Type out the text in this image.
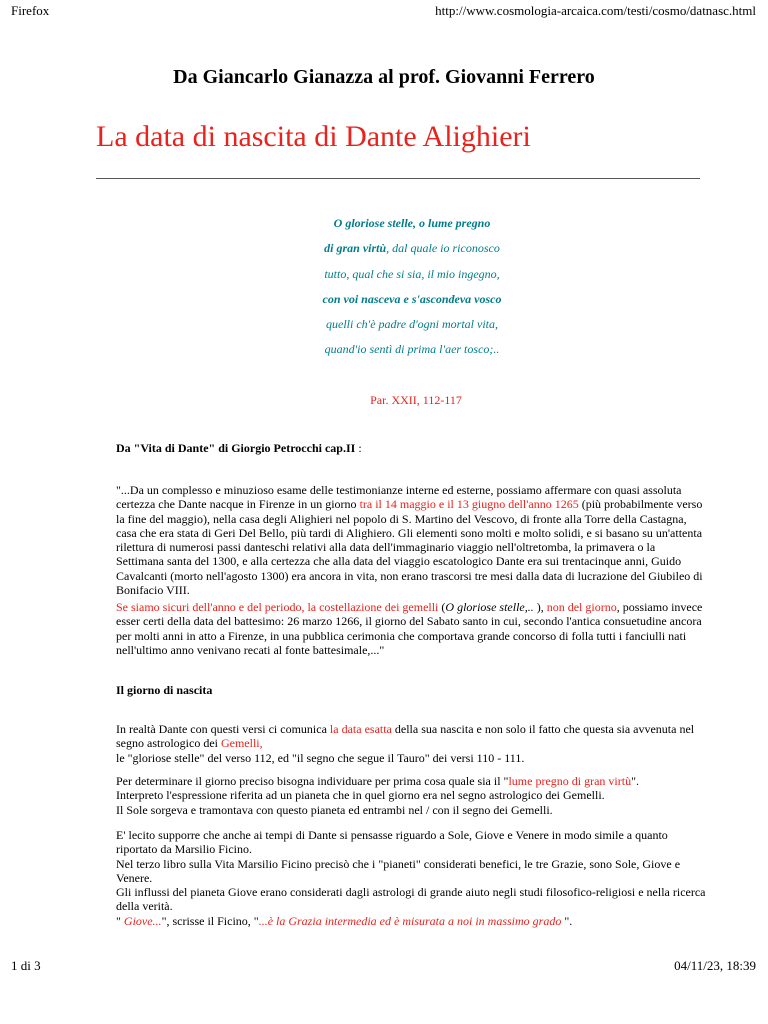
Firefox	http://www.cosmologia-arcaica.com/testi/cosmo/datnasc.html
Da Giancarlo Gianazza al prof. Giovanni Ferrero
La data di nascita di Dante Alighieri
O gloriose stelle, o lume pregno
di gran virtù, dal quale io riconosco
tutto, qual che si sia, il mio ingegno,
con voi nasceva e s'ascondeva vosco
quelli ch'è padre d'ogni mortal vita,
quand'io sentì di prima l'aer tosco;..
Par. XXII, 112-117
Da "Vita di Dante" di Giorgio Petrocchi cap.II :

"...Da un complesso e minuzioso esame delle testimonianze interne ed esterne, possiamo affermare con quasi assoluta certezza che Dante nacque in Firenze in un giorno tra il 14 maggio e il 13 giugno dell'anno 1265 (più probabilmente verso la fine del maggio), nella casa degli Alighieri nel popolo di S. Martino del Vescovo, di fronte alla Torre della Castagna, casa che era stata di Geri Del Bello, più tardi di Alighiero. Gli elementi sono molti e molto solidi, e si basano su un'attenta rilettura di numerosi passi danteschi relativi alla data dell'immaginario viaggio nell'oltretomba, la primavera o la Settimana santa del 1300, e alla certezza che alla data del viaggio escatologico Dante era sui trentacinque anni, Guido Cavalcanti (morto nell'agosto 1300) era ancora in vita, non erano trascorsi tre mesi dalla data di lucrazione del Giubileo di Bonifacio VIII.

Se siamo sicuri dell'anno e del periodo, la costellazione dei gemelli (O gloriose stelle,.. ), non del giorno, possiamo invece esser certi della data del battesimo: 26 marzo 1266, il giorno del Sabato santo in cui, secondo l'antica consuetudine ancora per molti anni in atto a Firenze, in una pubblica cerimonia che comportava grande concorso di folla tutti i fanciulli nati nell'ultimo anno venivano recati al fonte battesimale,..."

Il giorno di nascita

In realtà Dante con questi versi ci comunica la data esatta della sua nascita e non solo il fatto che questa sia avvenuta nel segno astrologico dei Gemelli,
le "gloriose stelle" del verso 112, ed "il segno che segue il Tauro" dei versi 110 - 111.

Per determinare il giorno preciso bisogna individuare per prima cosa quale sia il "lume pregno di gran virtù".
Interpreto l'espressione riferita ad un pianeta che in quel giorno era nel segno astrologico dei Gemelli.
Il Sole sorgeva e tramontava con questo pianeta ed entrambi nel / con il segno dei Gemelli.

E' lecito supporre che anche ai tempi di Dante si pensasse riguardo a Sole, Giove e Venere in modo simile a quanto riportato da Marsilio Ficino.
Nel terzo libro sulla Vita Marsilio Ficino precisò che i "pianeti" considerati benefici, le tre Grazie, sono Sole, Giove e Venere.
Gli influssi del pianeta Giove erano considerati dagli astrologi di grande aiuto negli studi filosofico-religiosi e nella ricerca della verità.
" Giove...", scrisse il Ficino, "...è la Grazia intermedia ed è misurata a noi in massimo grado ".

1 di 3	04/11/23, 18:39
